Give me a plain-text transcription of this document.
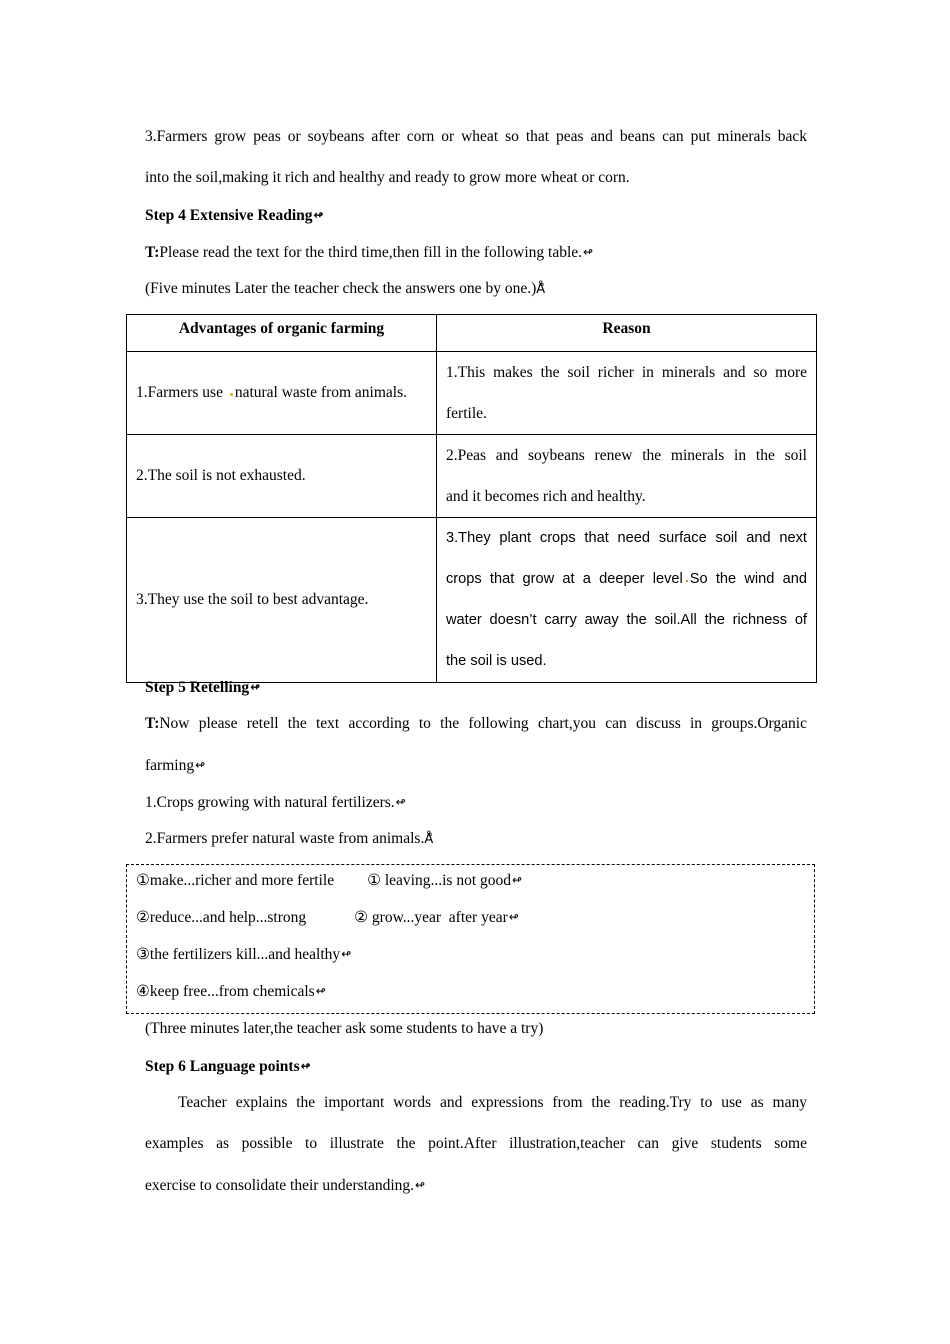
3.Farmers grow peas or soybeans after corn or wheat so that peas and beans can put minerals back
into the soil,making it rich and healthy and ready to grow more wheat or corn.
Step 4 Extensive Reading↫
T:Please read the text for the third time,then fill in the following table.↫
(Five minutes Later the teacher check the answers one by one.)Å̊
Advantages of organic farming	Reason
1.Farmers use natural waste from animals.	1.This makes the soil richer in minerals and so more
fertile.

2.The soil is not exhausted.	2.Peas and soybeans renew the minerals in the soil
and it becomes rich and healthy.

3.They use the soil to best advantage.	3.They plant crops that need surface soil and next
crops that grow at a deeper level So the wind and
water doesn’t carry away the soil.All the richness of
the soil is used.
Step 5 Retelling↫
T:Now please retell the text according to the following chart,you can discuss in groups.Organic
farming↫
1.Crops growing with natural fertilizers.↫
2.Farmers prefer natural waste from animals.Å̊
①make...richer and more fertile ① leaving...is not good↫
②reduce...and help...strong	② grow...year  after year↫
③the fertilizers kill...and healthy↫
④keep free...from chemicals↫
(Three minutes later,the teacher ask some students to have a try)
Step 6 Language points↫
Teacher explains the important words and expressions from the reading.Try to use as many
examples as possible to illustrate the point.After illustration,teacher can give students some
exercise to consolidate their understanding.↫
